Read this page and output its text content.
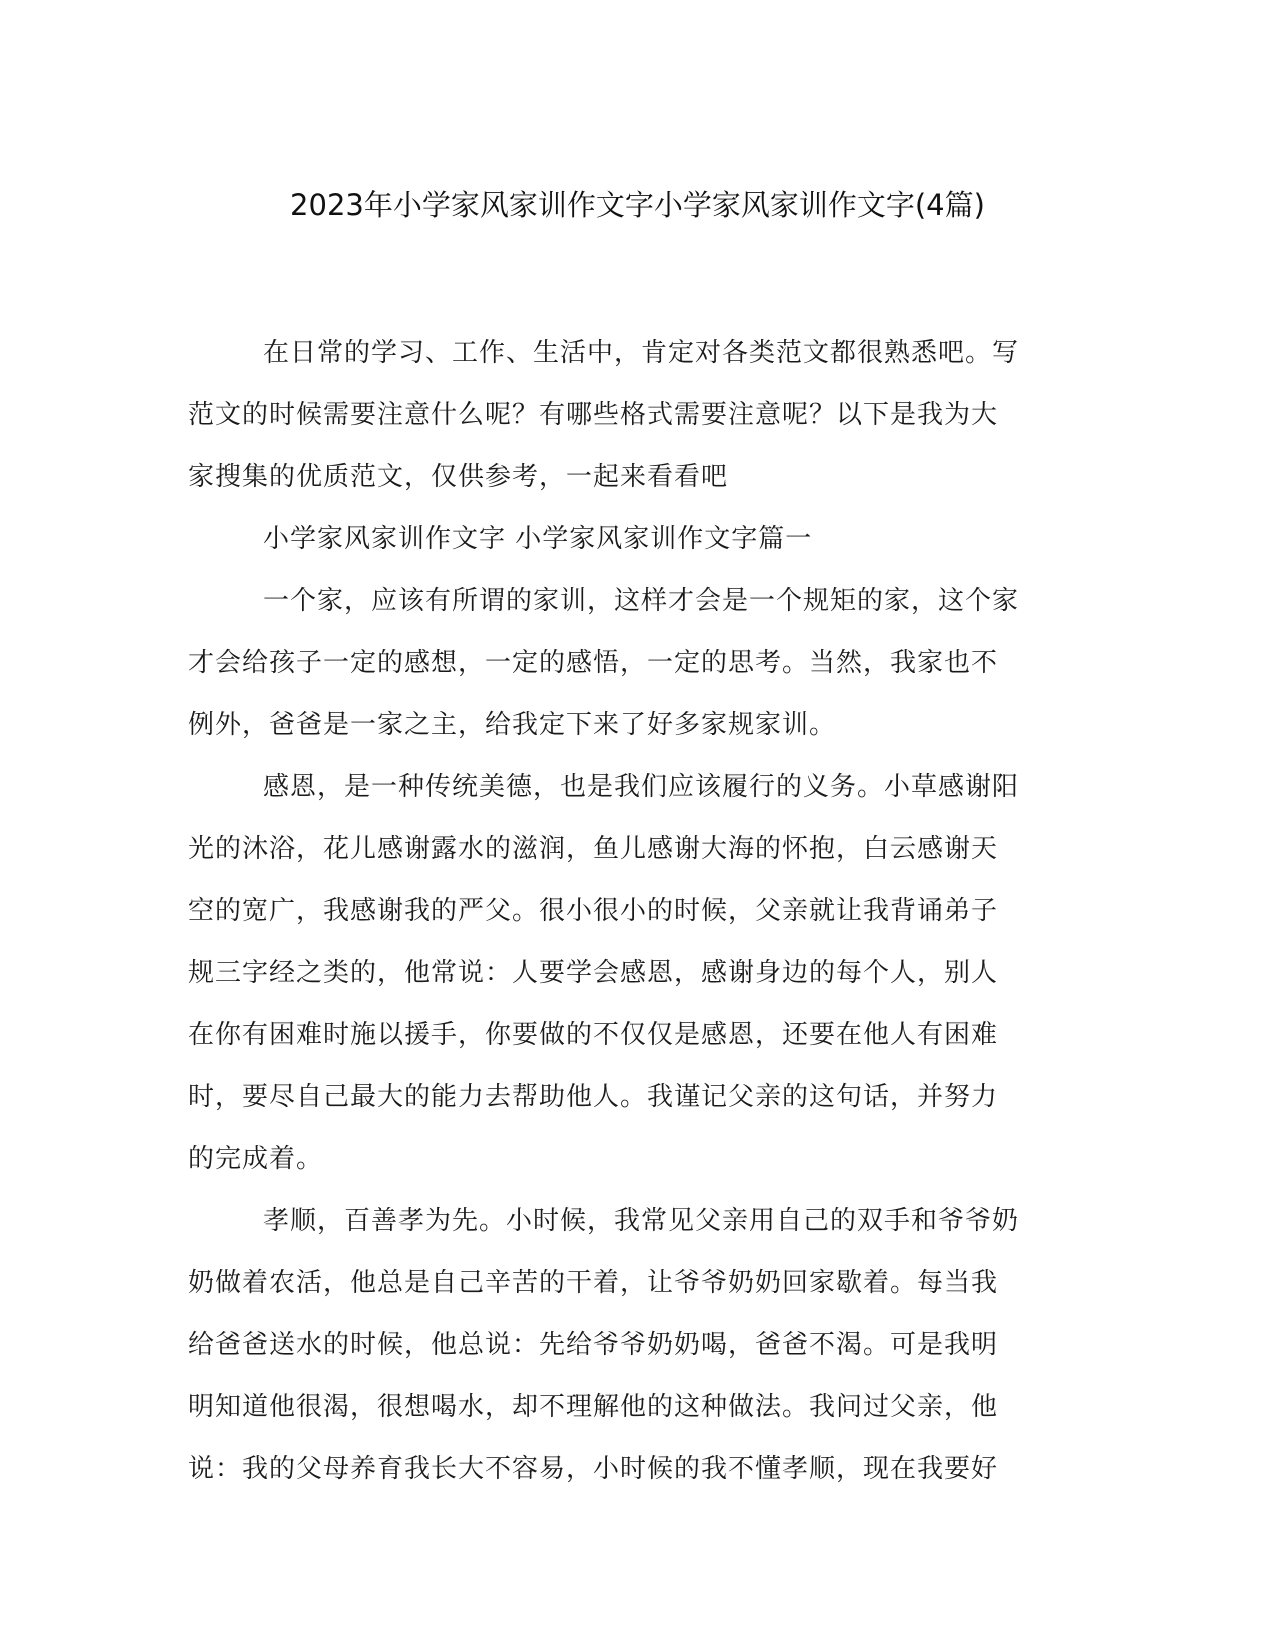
2023年小学家风家训作文字小学家风家训作文字(4篇)

在日常的学习、工作、生活中，肯定对各类范文都很熟悉吧。写
范文的时候需要注意什么呢？有哪些格式需要注意呢？以下是我为大
家搜集的优质范文，仅供参考，一起来看看吧

小学家风家训作文字 小学家风家训作文字篇一

一个家，应该有所谓的家训，这样才会是一个规矩的家，这个家
才会给孩子一定的感想，一定的感悟，一定的思考。当然，我家也不
例外，爸爸是一家之主，给我定下来了好多家规家训。

感恩，是一种传统美德，也是我们应该履行的义务。小草感谢阳
光的沐浴，花儿感谢露水的滋润，鱼儿感谢大海的怀抱，白云感谢天
空的宽广，我感谢我的严父。很小很小的时候，父亲就让我背诵弟子
规三字经之类的，他常说：人要学会感恩，感谢身边的每个人，别人
在你有困难时施以援手，你要做的不仅仅是感恩，还要在他人有困难
时，要尽自己最大的能力去帮助他人。我谨记父亲的这句话，并努力
的完成着。

孝顺，百善孝为先。小时候，我常见父亲用自己的双手和爷爷奶
奶做着农活，他总是自己辛苦的干着，让爷爷奶奶回家歇着。每当我
给爸爸送水的时候，他总说：先给爷爷奶奶喝，爸爸不渴。可是我明
明知道他很渴，很想喝水，却不理解他的这种做法。我问过父亲，他
说：我的父母养育我长大不容易，小时候的我不懂孝顺，现在我要好
